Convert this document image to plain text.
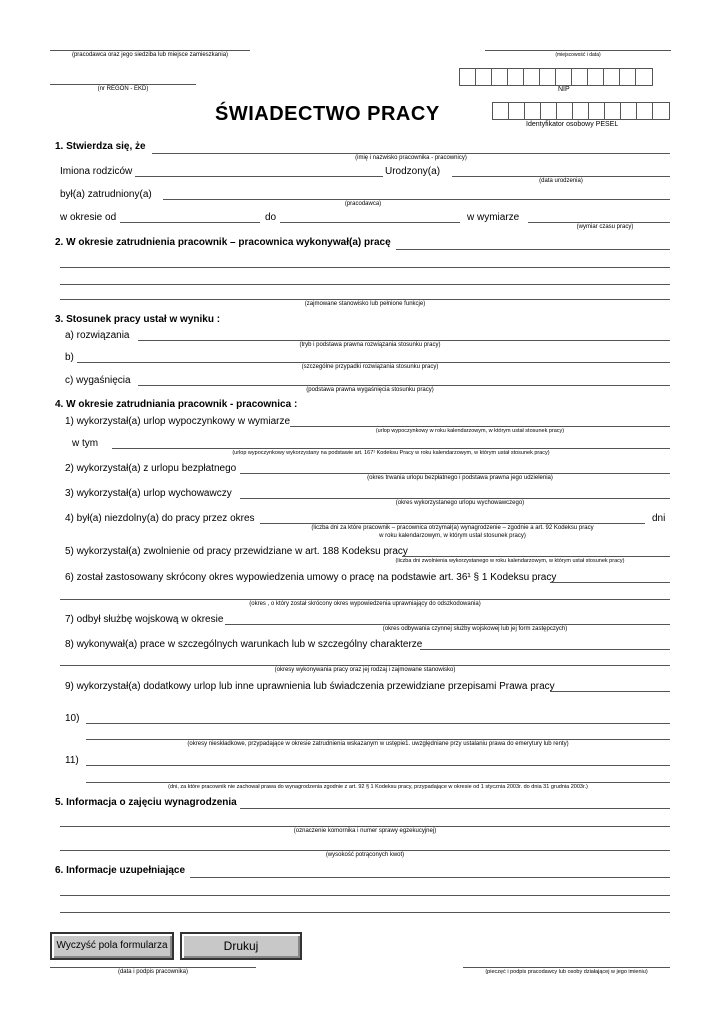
(pracodawca oraz jego siedziba lub miejsce zamieszkania)	(miejscowość i data)
NIP
(nr REGON - EKD)
ŚWIADECTWO PRACY	Identyfikator osobowy PESEL
1. Stwierdza się, że
(imię i nazwisko pracownika - pracownicy)
Imiona rodziców	Urodzony(a)
(data urodzenia)
był(a) zatrudniony(a)
(pracodawca)
w okresie od	do	w wymiarze
(wymiar czasu pracy)
2. W okresie zatrudnienia pracownik – pracownica wykonywał(a) pracę
(zajmowane stanowisko lub pełnione funkcje)
3. Stosunek pracy ustał w wyniku :
a) rozwiązania
(tryb i podstawa prawna rozwiązania stosunku pracy)
b)
(szczególne przypadki rozwiązania stosunku pracy)
c) wygaśnięcia
(podstawa prawna wygaśnięcia stosunku pracy)
4. W okresie zatrudniania pracownik - pracownica :
1) wykorzystał(a) urlop wypoczynkowy w wymiarze
(urlop wypoczynkowy w roku kalendarzowym, w którym ustał stosunek pracy)
w tym
(urlop wypoczynkowy wykorzystany na podstawie art. 167¹ Kodeksu Pracy w roku kalendarzowym, w którym ustał stosunek pracy)
2) wykorzystał(a) z urlopu bezpłatnego
(okres trwania urlopu bezpłatnego i podstawa prawna jego udzielenia)
3) wykorzystał(a) urlop wychowawczy
(okres wykorzystanego urlopu wychowawczego)
4) był(a) niezdolny(a) do pracy przez okres	dni
(liczba dni za które pracownik – pracownica otrzymał(a) wynagrodzenie – zgodnie a art. 92 Kodeksu pracy
w roku kalendarzowym, w którym ustał stosunek pracy)
5) wykorzystał(a) zwolnienie od pracy przewidziane w art. 188 Kodeksu pracy
(liczba dni zwolnienia wykorzystanego w roku kalendarzowym, w którym ustał stosunek pracy)
6) został zastosowany skrócony okres wypowiedzenia umowy o pracę na podstawie art. 36¹ § 1 Kodeksu pracy
(okres , o który został skrócony okres wypowiedzenia uprawniający do odszkodowania)
7) odbył służbę wojskową w okresie
(okres odbywania czynnej służby wojskowej lub jej form zastępczych)
8) wykonywał(a) prace w szczególnych warunkach lub w szczególny charakterze
(okresy wykonywania pracy oraz jej rodzaj i zajmowane stanowisko)
9) wykorzystał(a) dodatkowy urlop lub inne uprawnienia lub świadczenia przewidziane przepisami Prawa pracy
10)
(okresy nieskładkowe, przypadające w okresie zatrudnienia wskazanym w ustępie1. uwzględniane przy ustalaniu prawa do emerytury lub renty)
11)
(dni, za które pracownik nie zachował prawa do wynagrodzenia zgodnie z art. 92 § 1 Kodeksu pracy, przypadające w okresie od 1 stycznia 2003r. do dnia 31 grudnia 2003r.)
5. Informacja o zajęciu wynagrodzenia
(oznaczenie komornika i numer sprawy egzekucyjnej)
(wysokość potrąconych kwot)
6. Informacje uzupełniające
Wyczyść pola formularza	Drukuj
(data i podpis pracownika)	(pieczęć i podpis pracodawcy lub osoby działającej w jego imieniu)
